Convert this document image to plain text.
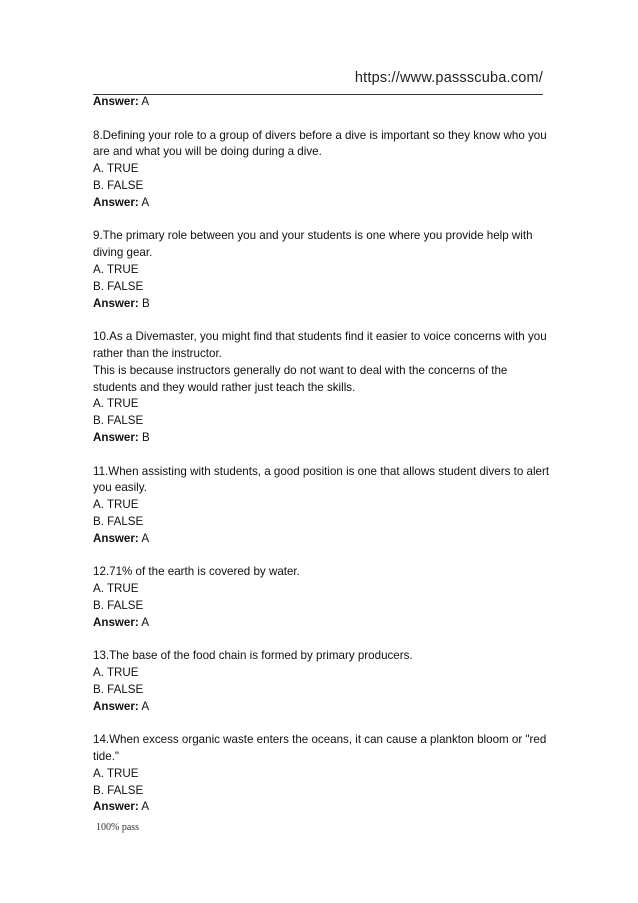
https://www.passscuba.com/
Answer: A
8.Defining your role to a group of divers before a dive is important so they know who you
are and what you will be doing during a dive.
A. TRUE
B. FALSE
Answer: A
9.The primary role between you and your students is one where you provide help with
diving gear.
A. TRUE
B. FALSE
Answer: B
10.As a Divemaster, you might find that students find it easier to voice concerns with you
rather than the instructor.
This is because instructors generally do not want to deal with the concerns of the
students and they would rather just teach the skills.
A. TRUE
B. FALSE
Answer: B
11.When assisting with students, a good position is one that allows student divers to alert
you easily.
A. TRUE
B. FALSE
Answer: A
12.71% of the earth is covered by water.
A. TRUE
B. FALSE
Answer: A
13.The base of the food chain is formed by primary producers.
A. TRUE
B. FALSE
Answer: A
14.When excess organic waste enters the oceans, it can cause a plankton bloom or "red
tide."
A. TRUE
B. FALSE
Answer: A
100% pass
